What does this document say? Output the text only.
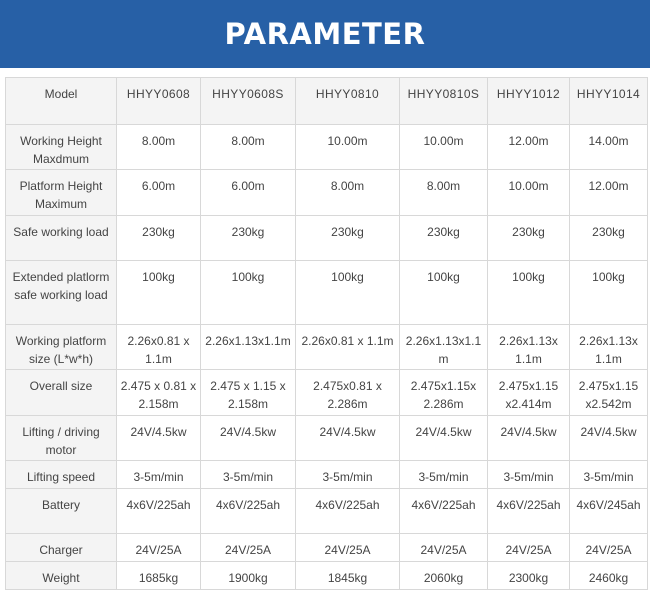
PARAMETER
Model	HHYY0608	HHYY0608S	HHYY0810	HHYY0810S	HHYY1012	HHYY1014
Working Height Maxdmum	8.00m	8.00m	10.00m	10.00m	12.00m	14.00m
Platform Height Maximum	6.00m	6.00m	8.00m	8.00m	10.00m	12.00m
Safe working load	230kg	230kg	230kg	230kg	230kg	230kg
Extended platlorm safe working load	100kg	100kg	100kg	100kg	100kg	100kg
Working platform size (L*w*h)	2.26x0.81 x 1.1m	2.26x1.13x1.1m	2.26x0.81 x 1.1m	2.26x1.13x1.1m	2.26x1.13x 1.1m	2.26x1.13x 1.1m
Overall size	2.475 x 0.81 x 2.158m	2.475 x 1.15 x 2.158m	2.475x0.81 x 2.286m	2.475x1.15x 2.286m	2.475x1.15 x2.414m	2.475x1.15 x2.542m
Lifting / driving motor	24V/4.5kw	24V/4.5kw	24V/4.5kw	24V/4.5kw	24V/4.5kw	24V/4.5kw
Lifting speed	3-5m/min	3-5m/min	3-5m/min	3-5m/min	3-5m/min	3-5m/min
Battery	4x6V/225ah	4x6V/225ah	4x6V/225ah	4x6V/225ah	4x6V/225ah	4x6V/245ah
Charger	24V/25A	24V/25A	24V/25A	24V/25A	24V/25A	24V/25A
Weight	1685kg	1900kg	1845kg	2060kg	2300kg	2460kg
